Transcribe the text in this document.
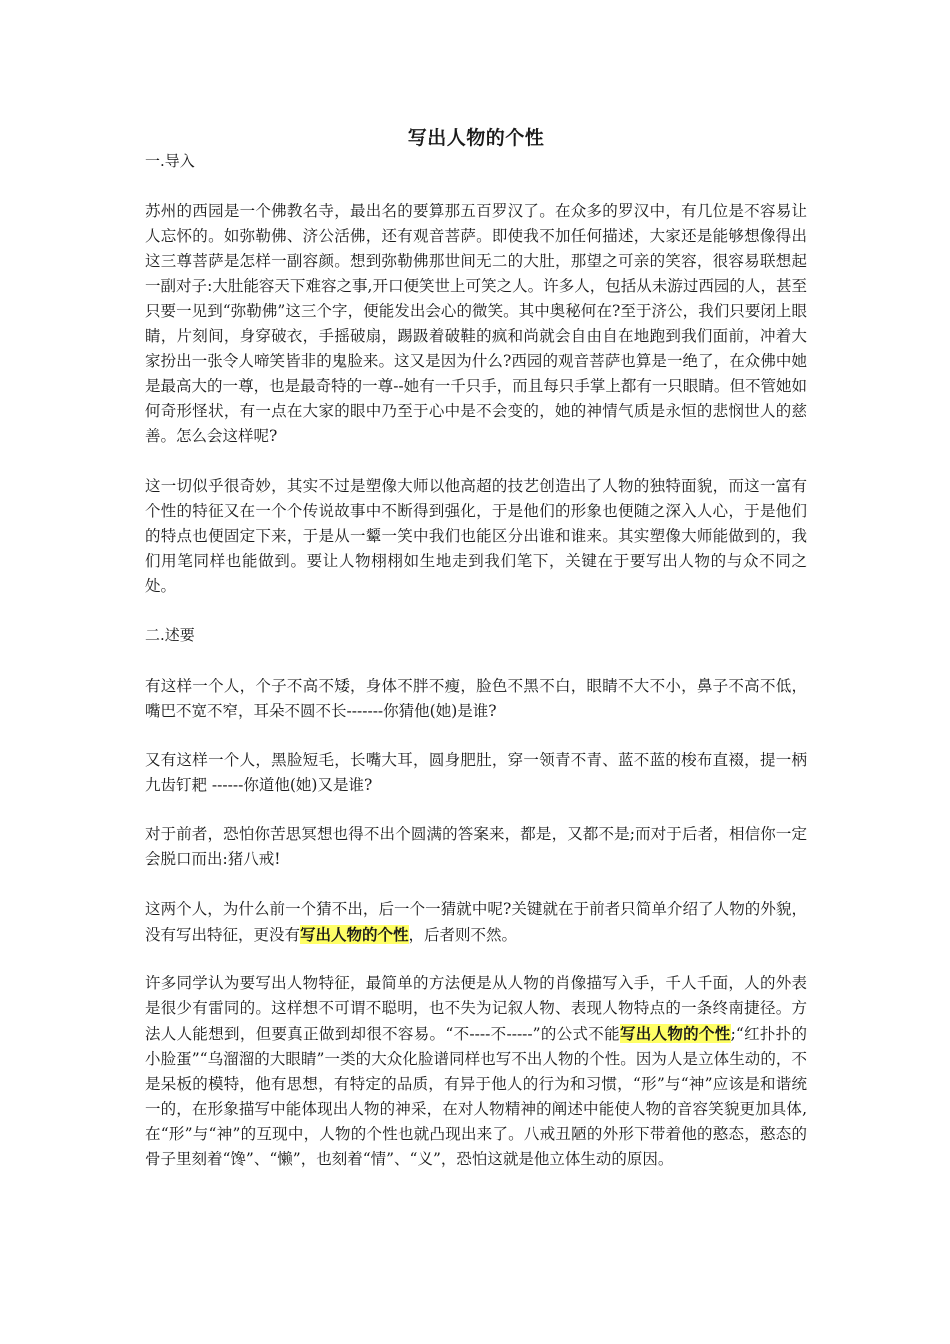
写出人物的个性

一.导入

苏州的西园是一个佛教名寺，最出名的要算那五百罗汉了。在众多的罗汉中，有几位是不容易让人忘怀的。如弥勒佛、济公活佛，还有观音菩萨。即使我不加任何描述，大家还是能够想像得出这三尊菩萨是怎样一副容颜。想到弥勒佛那世间无二的大肚，那望之可亲的笑容，很容易联想起一副对子:大肚能容天下难容之事,开口便笑世上可笑之人。许多人，包括从未游过西园的人，甚至只要一见到“弥勒佛”这三个字，便能发出会心的微笑。其中奥秘何在?至于济公，我们只要闭上眼睛，片刻间，身穿破衣，手摇破扇，踢趿着破鞋的疯和尚就会自由自在地跑到我们面前，冲着大家扮出一张令人啼笑皆非的鬼脸来。这又是因为什么?西园的观音菩萨也算是一绝了，在众佛中她是最高大的一尊，也是最奇特的一尊--她有一千只手，而且每只手掌上都有一只眼睛。但不管她如何奇形怪状，有一点在大家的眼中乃至于心中是不会变的，她的神情气质是永恒的悲悯世人的慈善。怎么会这样呢?

这一切似乎很奇妙，其实不过是塑像大师以他高超的技艺创造出了人物的独特面貌，而这一富有个性的特征又在一个个传说故事中不断得到强化，于是他们的形象也便随之深入人心，于是他们的特点也便固定下来，于是从一颦一笑中我们也能区分出谁和谁来。其实塑像大师能做到的，我们用笔同样也能做到。要让人物栩栩如生地走到我们笔下，关键在于要写出人物的与众不同之处。

二.述要

有这样一个人，个子不高不矮，身体不胖不瘦，脸色不黑不白，眼睛不大不小，鼻子不高不低，嘴巴不宽不窄，耳朵不圆不长-------你猜他(她)是谁?

又有这样一个人，黑脸短毛，长嘴大耳，圆身肥肚，穿一领青不青、蓝不蓝的梭布直裰，提一柄九齿钉耙 ------你道他(她)又是谁?

对于前者，恐怕你苦思冥想也得不出个圆满的答案来，都是，又都不是;而对于后者，相信你一定会脱口而出:猪八戒!

这两个人，为什么前一个猜不出，后一个一猜就中呢?关键就在于前者只简单介绍了人物的外貌，没有写出特征，更没有写出人物的个性，后者则不然。

许多同学认为要写出人物特征，最简单的方法便是从人物的肖像描写入手，千人千面，人的外表是很少有雷同的。这样想不可谓不聪明，也不失为记叙人物、表现人物特点的一条终南捷径。方法人人能想到，但要真正做到却很不容易。“不----不-----”的公式不能写出人物的个性;“红扑扑的小脸蛋”“乌溜溜的大眼睛”一类的大众化脸谱同样也写不出人物的个性。因为人是立体生动的，不是呆板的模特，他有思想，有特定的品质，有异于他人的行为和习惯，“形”与“神”应该是和谐统一的，在形象描写中能体现出人物的神采，在对人物精神的阐述中能使人物的音容笑貌更加具体,在“形”与“神”的互现中，人物的个性也就凸现出来了。八戒丑陋的外形下带着他的憨态，憨态的骨子里刻着“馋”、“懒”，也刻着“情”、“义”，恐怕这就是他立体生动的原因。
